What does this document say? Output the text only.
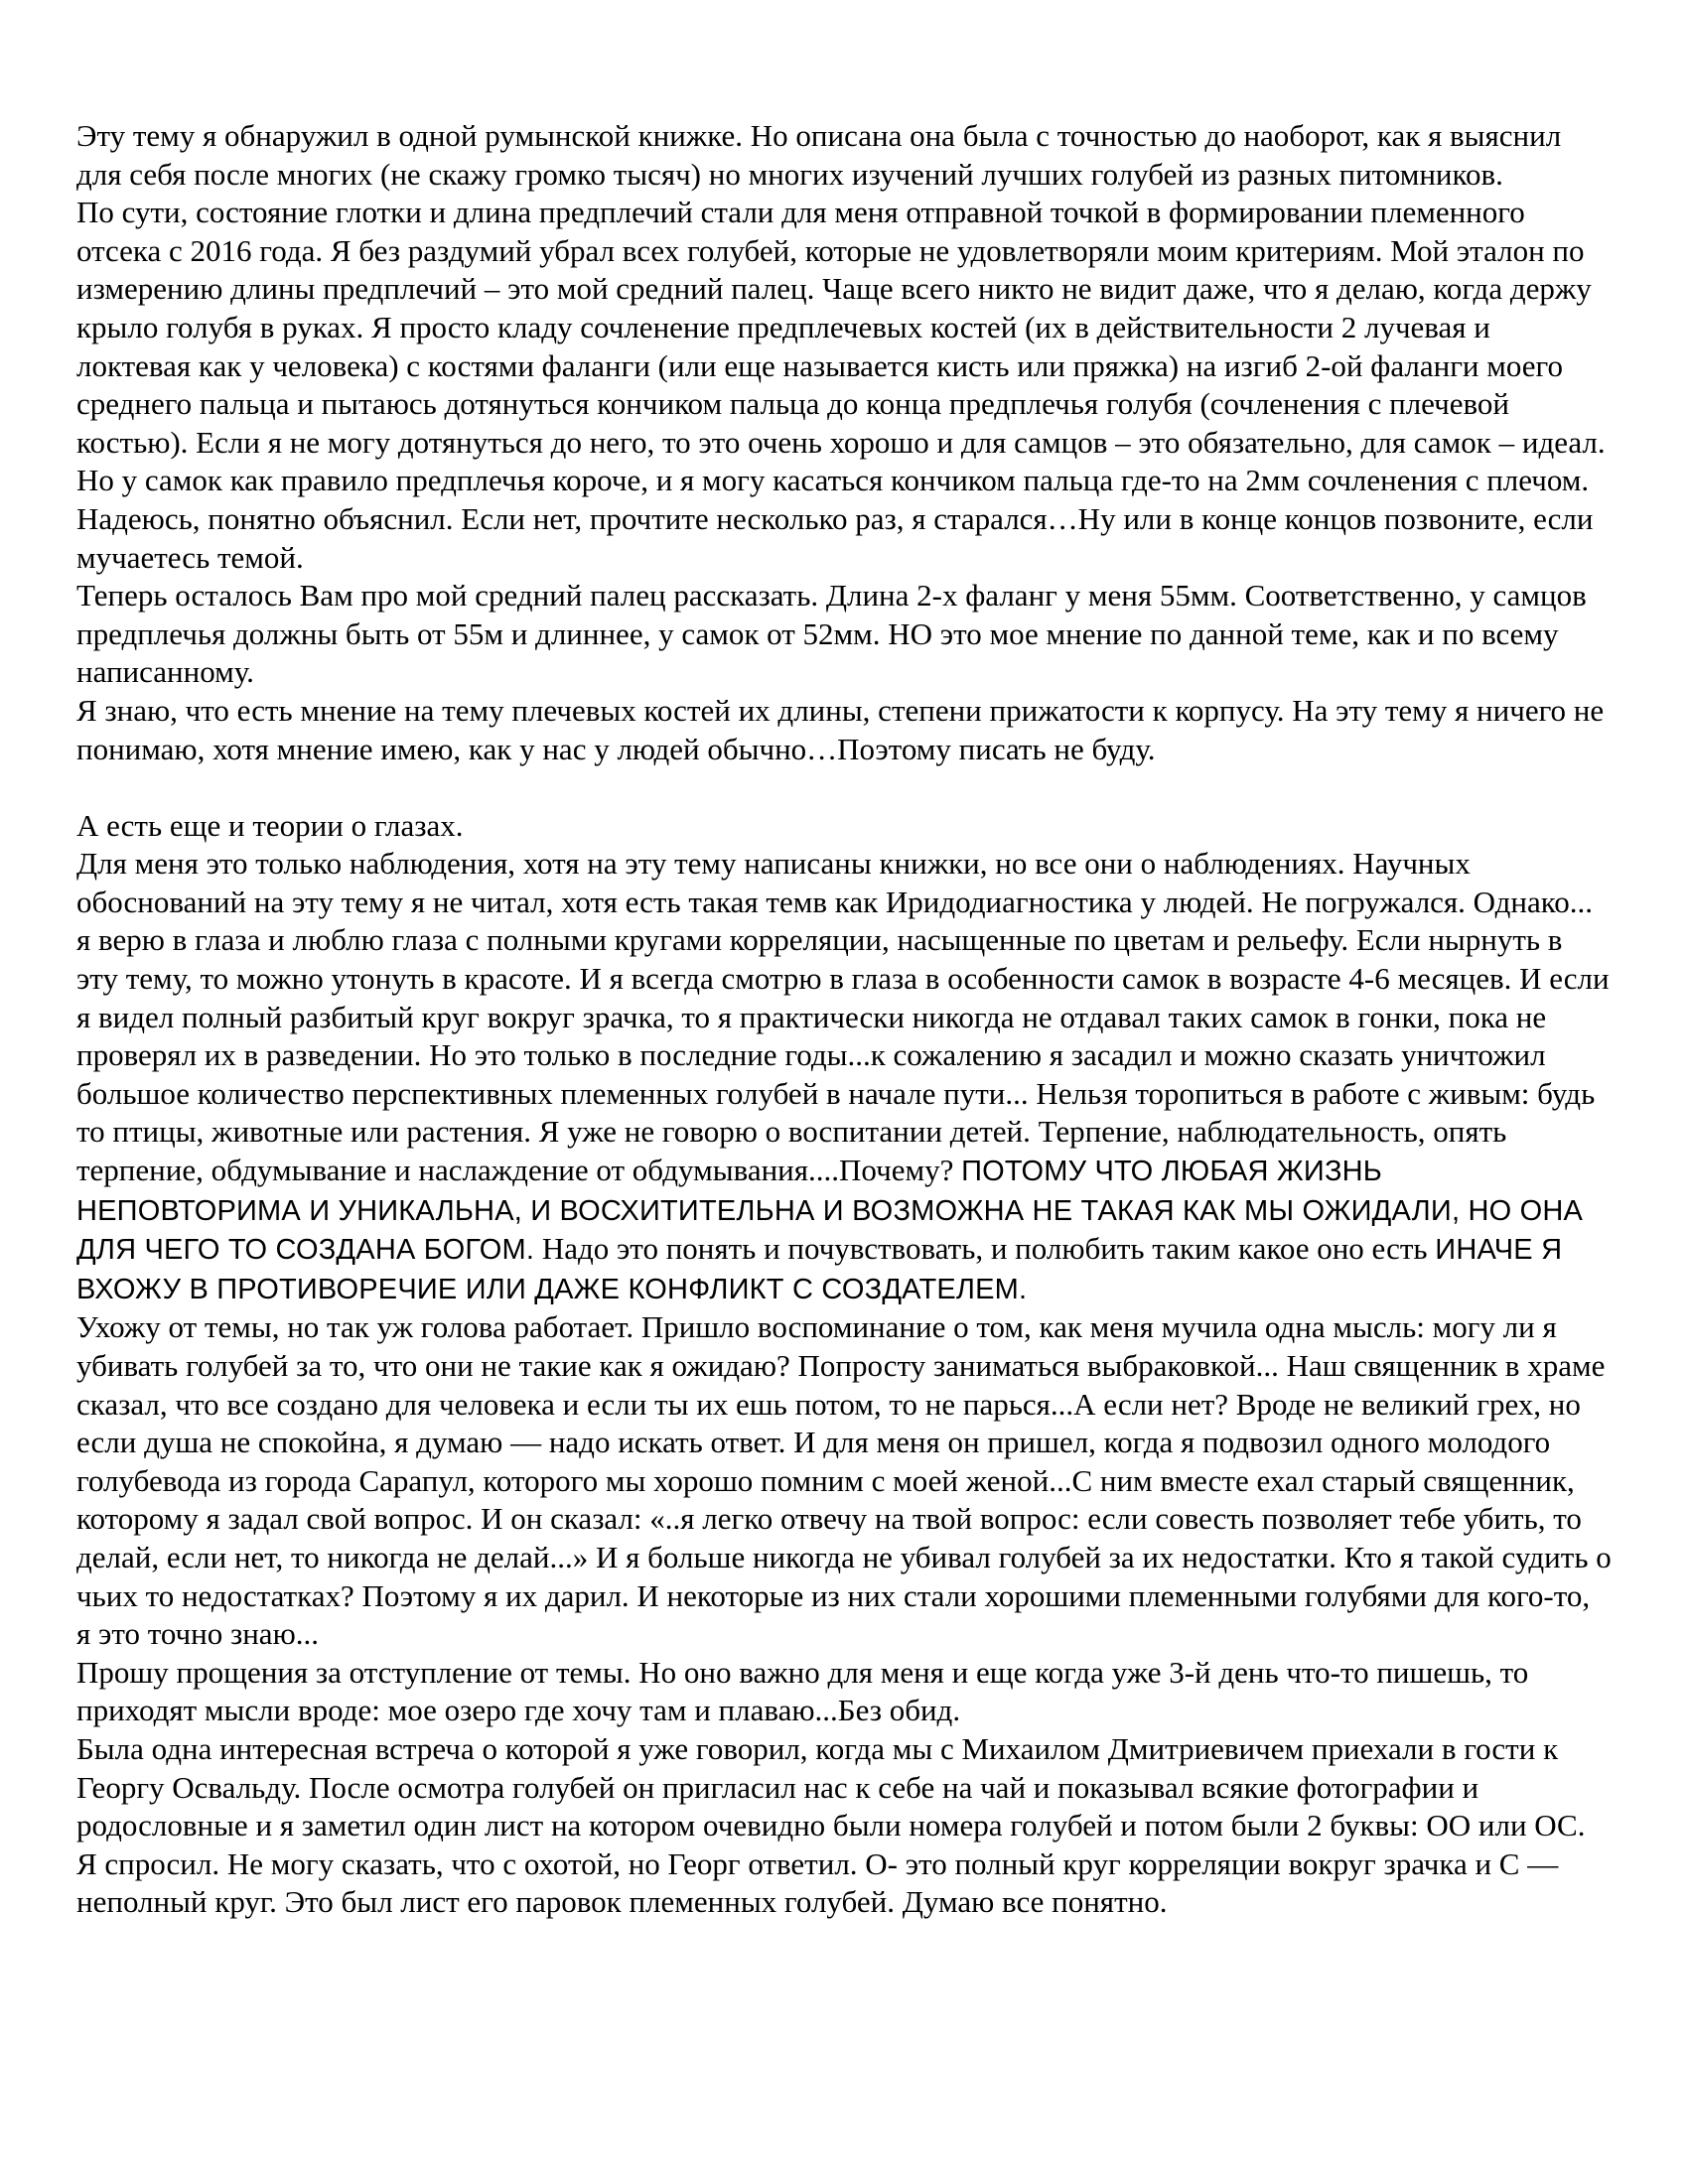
Эту тему я обнаружил в одной румынской книжке. Но описана она была с точностью до наоборот, как я выяснил для себя после многих (не скажу громко тысяч) но многих изучений лучших голубей из разных питомников.

По сути, состояние глотки и длина предплечий стали для меня отправной точкой в формировании племенного отсека с 2016 года. Я без раздумий убрал всех голубей, которые не удовлетворяли моим критериям. Мой эталон по измерению длины предплечий – это мой средний палец. Чаще всего никто не видит даже, что я делаю, когда держу крыло голубя в руках. Я просто кладу сочленение предплечевых костей (их в действительности 2 лучевая и локтевая как у человека) с костями фаланги (или еще называется кисть или пряжка) на изгиб 2-ой фаланги моего среднего пальца и пытаюсь дотянуться кончиком пальца до конца предплечья голубя (сочленения с плечевой костью). Если я не могу дотянуться до него, то это очень хорошо и для самцов – это обязательно, для самок – идеал. Но у самок как правило предплечья короче, и я могу касаться кончиком пальца где-то на 2мм сочленения с плечом. Надеюсь, понятно объяснил. Если нет, прочтите несколько раз, я старался…Ну или в конце концов позвоните, если мучаетесь темой.

Теперь осталось Вам про мой средний палец рассказать. Длина 2-х фаланг у меня 55мм. Соответственно, у самцов предплечья должны быть от 55м и длиннее, у самок от 52мм. НО это мое мнение по данной теме, как и по всему написанному.

Я знаю, что есть мнение на тему плечевых костей их длины, степени прижатости к корпусу. На эту тему я ничего не понимаю, хотя мнение имею, как у нас у людей обычно…Поэтому писать не буду.

А есть еще и теории о глазах.

Для меня это только наблюдения, хотя на эту тему написаны книжки, но все они о наблюдениях. Научных обоснований на эту тему я не читал, хотя есть такая темв как Иридодиагностика у людей. Не погружался. Однако... я верю в глаза и люблю глаза с полными кругами корреляции, насыщенные по цветам и рельефу. Если нырнуть в эту тему, то можно утонуть в красоте. И я всегда смотрю в глаза в особенности самок в возрасте 4-6 месяцев. И если я видел полный разбитый круг вокруг зрачка, то я практически никогда не отдавал таких самок в гонки, пока не проверял их в разведении. Но это только в последние годы...к сожалению я засадил и можно сказать уничтожил большое количество перспективных племенных голубей в начале пути... Нельзя торопиться в работе с живым: будь то птицы, животные или растения. Я уже не говорю о воспитании детей. Терпение, наблюдательность, опять терпение, обдумывание и наслаждение от обдумывания....Почему? ПОТОМУ ЧТО ЛЮБАЯ ЖИЗНЬ НЕПОВТОРИМА И УНИКАЛЬНА, И ВОСХИТИТЕЛЬНА И ВОЗМОЖНА НЕ ТАКАЯ КАК МЫ ОЖИДАЛИ, НО ОНА ДЛЯ ЧЕГО ТО СОЗДАНА БОГОМ. Надо это понять и почувствовать, и полюбить таким какое оно есть ИНАЧЕ Я ВХОЖУ В ПРОТИВОРЕЧИЕ ИЛИ ДАЖЕ КОНФЛИКТ С СОЗДАТЕЛЕМ.

Ухожу от темы, но так уж голова работает. Пришло воспоминание о том, как меня мучила одна мысль: могу ли я убивать голубей за то, что они не такие как я ожидаю? Попросту заниматься выбраковкой... Наш священник в храме сказал, что все создано для человека и если ты их ешь потом, то не парься...А если нет? Вроде не великий грех, но если душа не спокойна, я думаю — надо искать ответ. И для меня он пришел, когда я подвозил одного молодого голубевода из города Сарапул, которого мы хорошо помним с моей женой...С ним вместе ехал старый священник, которому я задал свой вопрос. И он сказал: «..я легко отвечу на твой вопрос: если совесть позволяет тебе убить, то делай, если нет, то никогда не делай...» И я больше никогда не убивал голубей за их недостатки. Кто я такой судить о чьих то недостатках? Поэтому я их дарил. И некоторые из них стали хорошими племенными голубями для кого-то, я это точно знаю...

Прошу прощения за отступление от темы. Но оно важно для меня и еще когда уже 3-й день что-то пишешь, то приходят мысли вроде: мое озеро где хочу там и плаваю...Без обид.

Была одна интересная встреча о которой я уже говорил, когда мы с Михаилом Дмитриевичем приехали в гости к Георгу Освальду. После осмотра голубей он пригласил нас к себе на чай и показывал всякие фотографии и родословные и я заметил один лист на котором очевидно были номера голубей и потом были 2 буквы: ОО или ОС. Я спросил. Не могу сказать, что с охотой, но Георг ответил. О- это полный круг корреляции вокруг зрачка и С — неполный круг. Это был лист его паровок племенных голубей. Думаю все понятно.
